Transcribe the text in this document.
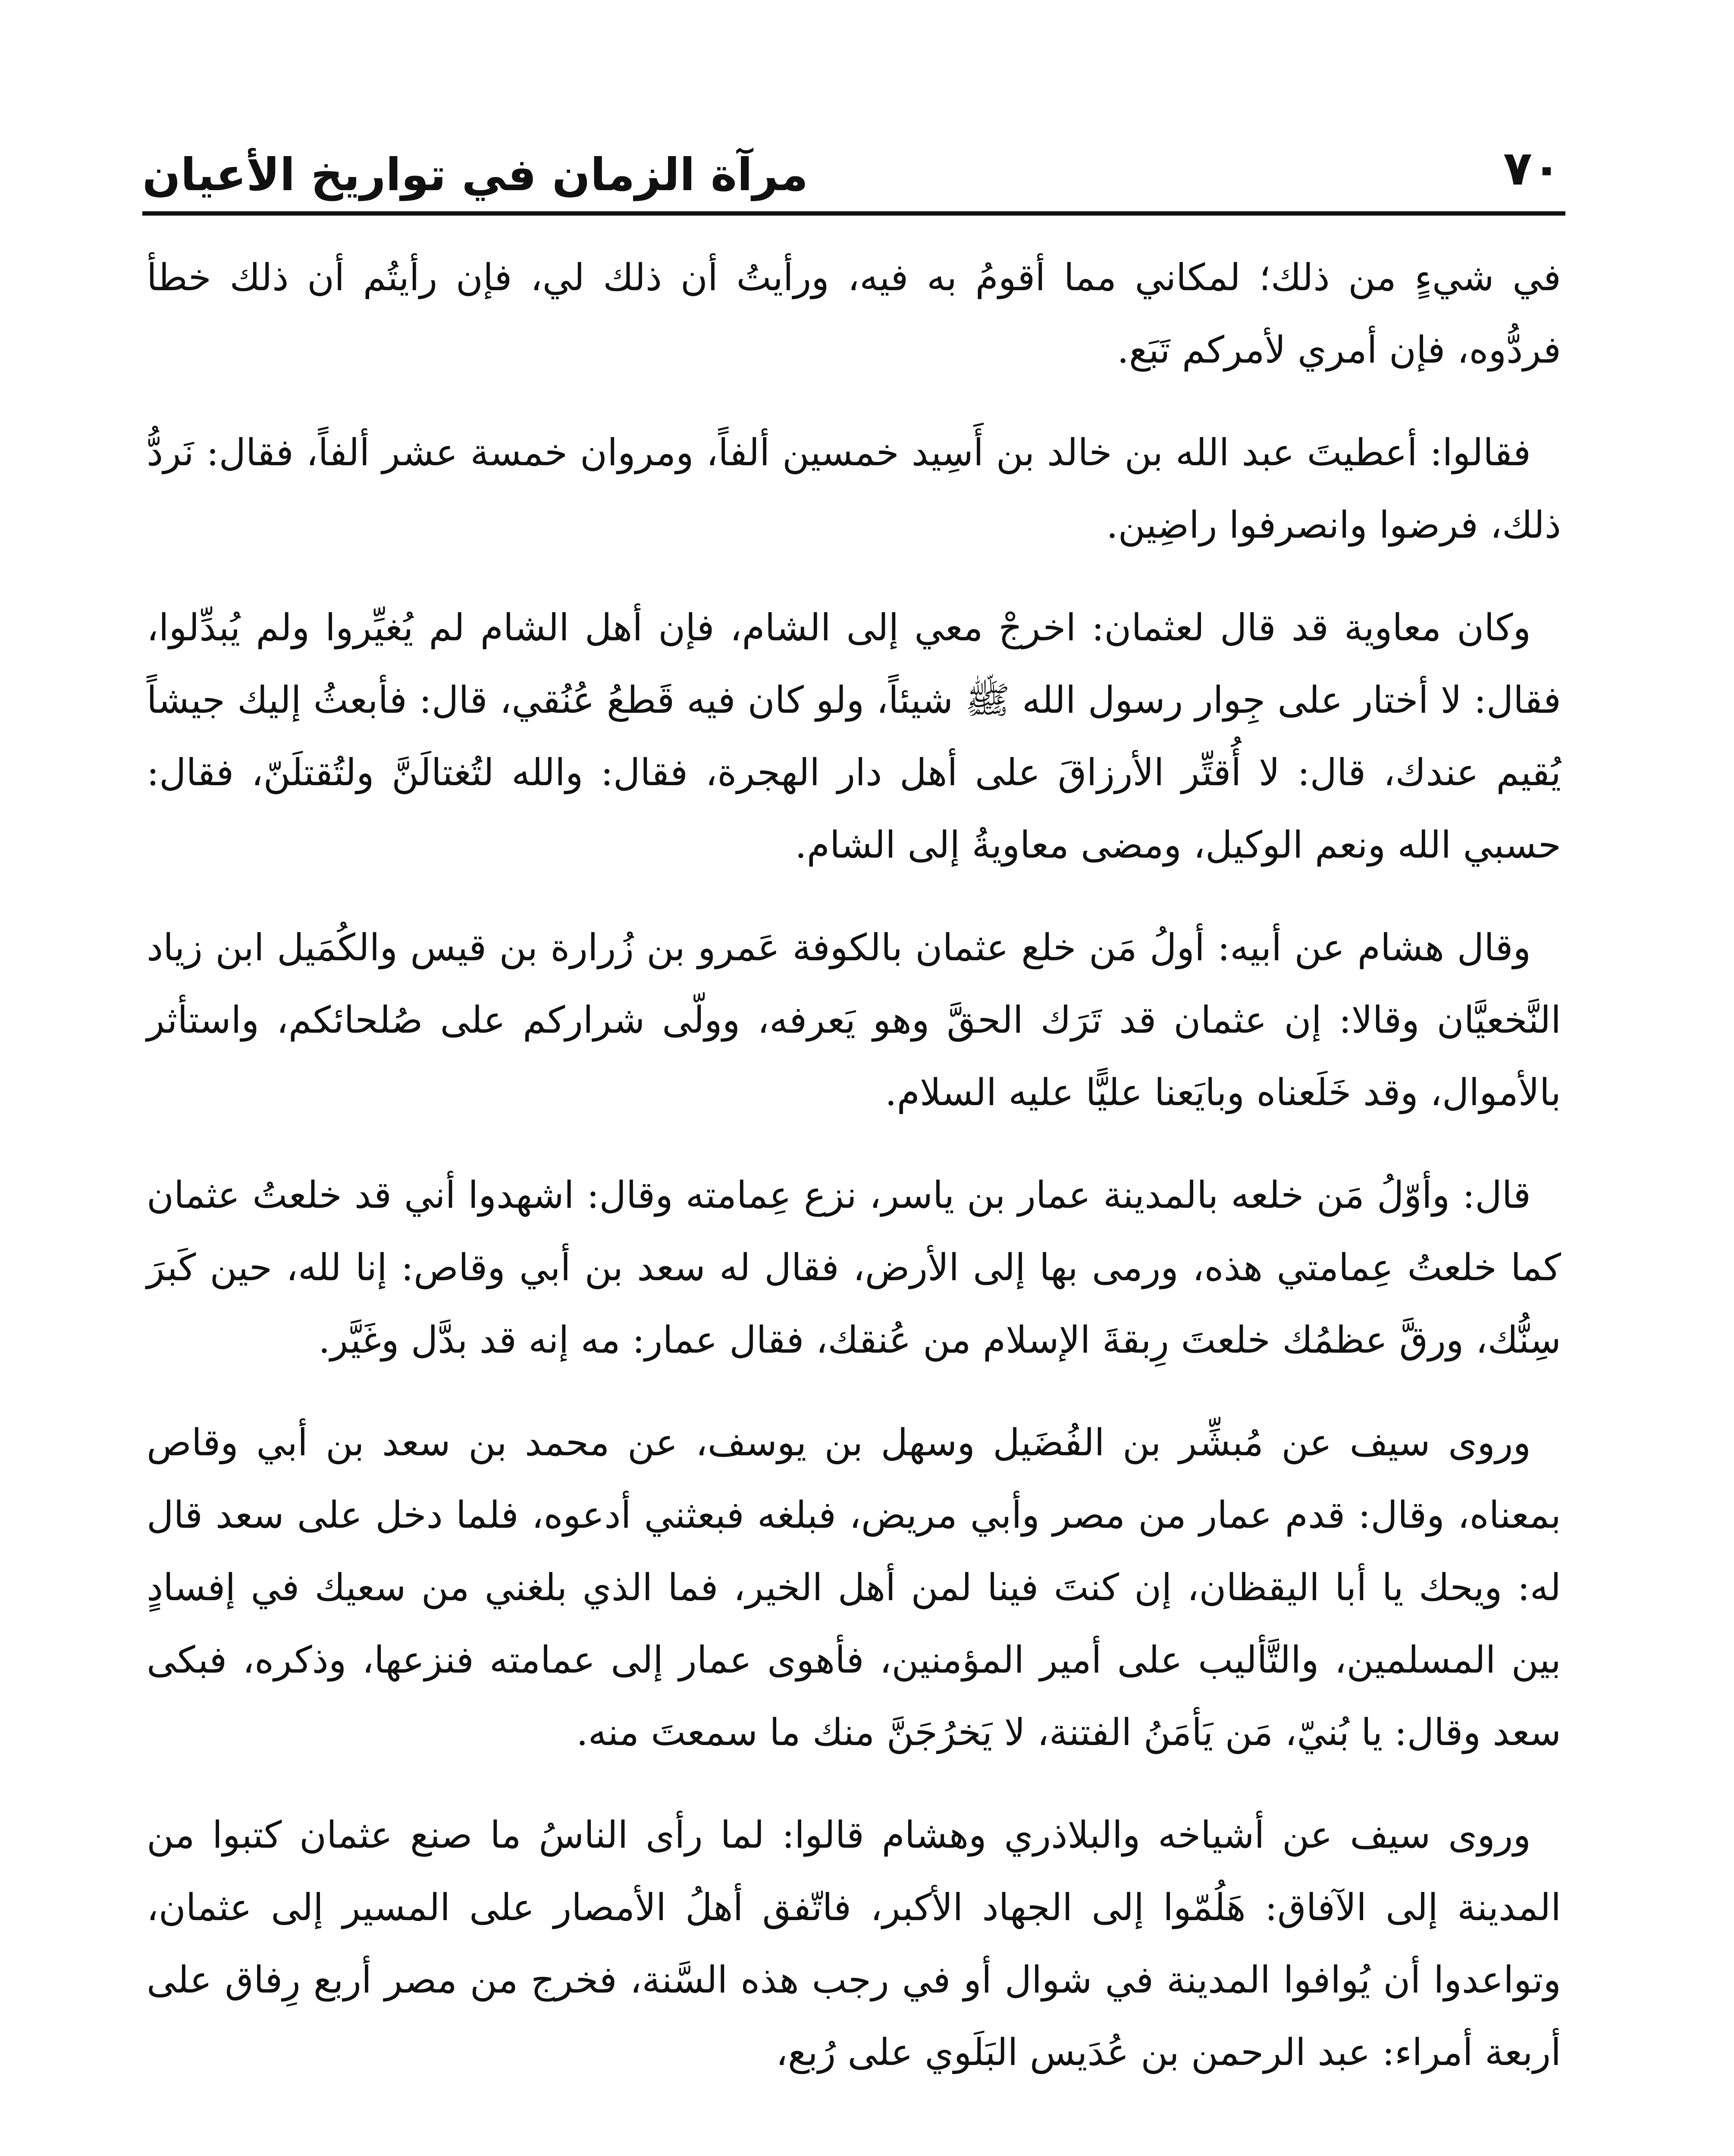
٧٠
مرآة الزمان في تواريخ الأعيان

في شيءٍ من ذلك؛ لمكاني مما أقومُ به فيه، ورأيتُ أن ذلك لي، فإن رأيتُم أن ذلك خطأ فردُّوه، فإن أمري لأمركم تَبَع.

فقالوا: أعطيتَ عبد الله بن خالد بن أَسِيد خمسين ألفاً، ومروان خمسة عشر ألفاً، فقال: نَردُّ ذلك، فرضوا وانصرفوا راضِين.

وكان معاوية قد قال لعثمان: اخرجْ معي إلى الشام، فإن أهل الشام لم يُغيِّروا ولم يُبدِّلوا، فقال: لا أختار على جِوار رسول الله ﷺ شيئاً، ولو كان فيه قَطعُ عُنُقي، قال: فأبعثُ إليك جيشاً يُقيم عندك، قال: لا أُقتِّر الأرزاقَ على أهل دار الهجرة، فقال: والله لتُغتالَنَّ ولتُقتلَنّ، فقال: حسبي الله ونعم الوكيل، ومضى معاويةُ إلى الشام.

وقال هشام عن أبيه: أولُ مَن خلع عثمان بالكوفة عَمرو بن زُرارة بن قيس والكُمَيل ابن زياد النَّخعيَّان وقالا: إن عثمان قد تَرَك الحقَّ وهو يَعرفه، وولّى شراركم على صُلحائكم، واستأثر بالأموال، وقد خَلَعناه وبايَعنا عليًّا عليه السلام.

قال: وأوّلُ مَن خلعه بالمدينة عمار بن ياسر، نزع عِمامته وقال: اشهدوا أني قد خلعتُ عثمان كما خلعتُ عِمامتي هذه، ورمى بها إلى الأرض، فقال له سعد بن أبي وقاص: إنا لله، حين كَبرَ سِنُّك، ورقَّ عظمُك خلعتَ رِبقةَ الإسلام من عُنقك، فقال عمار: مه إنه قد بدَّل وغَيَّر.

وروى سيف عن مُبشِّر بن الفُضَيل وسهل بن يوسف، عن محمد بن سعد بن أبي وقاص بمعناه، وقال: قدم عمار من مصر وأبي مريض، فبلغه فبعثني أدعوه، فلما دخل على سعد قال له: ويحك يا أبا اليقظان، إن كنتَ فينا لمن أهل الخير، فما الذي بلغني من سعيك في إفسادٍ بين المسلمين، والتَّأليب على أمير المؤمنين، فأهوى عمار إلى عمامته فنزعها، وذكره، فبكى سعد وقال: يا بُنيّ، مَن يَأمَنُ الفتنة، لا يَخرُجَنَّ منك ما سمعتَ منه.

وروى سيف عن أشياخه والبلاذري وهشام قالوا: لما رأى الناسُ ما صنع عثمان كتبوا من المدينة إلى الآفاق: هَلُمّوا إلى الجهاد الأكبر، فاتّفق أهلُ الأمصار على المسير إلى عثمان، وتواعدوا أن يُوافوا المدينة في شوال أو في رجب هذه السَّنة، فخرج من مصر أربع رِفاق على أربعة أمراء: عبد الرحمن بن عُدَيس البَلَوي على رُبع،
